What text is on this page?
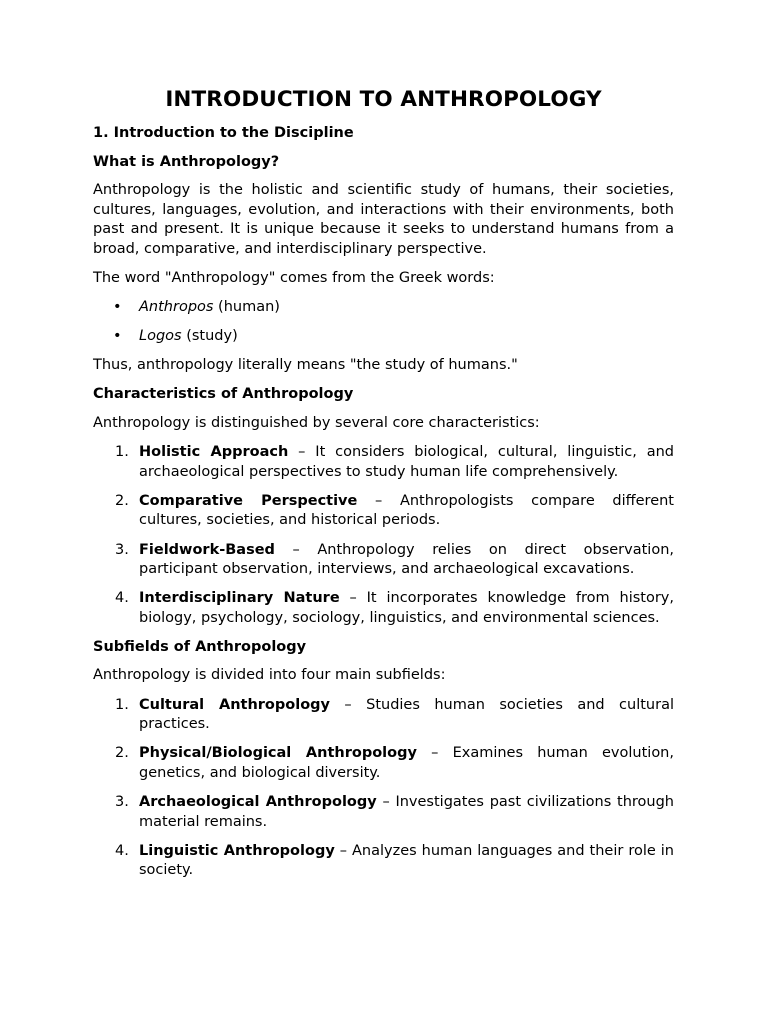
INTRODUCTION TO ANTHROPOLOGY
1. Introduction to the Discipline
What is Anthropology?

Anthropology is the holistic and scientific study of humans, their societies, cultures, languages, evolution, and interactions with their environments, both past and present. It is unique because it seeks to understand humans from a broad, comparative, and interdisciplinary perspective.

The word "Anthropology" comes from the Greek words:

• Anthropos (human)
• Logos (study)

Thus, anthropology literally means "the study of humans."

Characteristics of Anthropology

Anthropology is distinguished by several core characteristics:

1. Holistic Approach – It considers biological, cultural, linguistic, and archaeological perspectives to study human life comprehensively.
2. Comparative Perspective – Anthropologists compare different cultures, societies, and historical periods.
3. Fieldwork-Based – Anthropology relies on direct observation, participant observation, interviews, and archaeological excavations.
4. Interdisciplinary Nature – It incorporates knowledge from history, biology, psychology, sociology, linguistics, and environmental sciences.
Subfields of Anthropology

Anthropology is divided into four main subfields:

1. Cultural Anthropology – Studies human societies and cultural practices.
2. Physical/Biological Anthropology – Examines human evolution, genetics, and biological diversity.
3. Archaeological Anthropology – Investigates past civilizations through material remains.
4. Linguistic Anthropology – Analyzes human languages and their role in society.
